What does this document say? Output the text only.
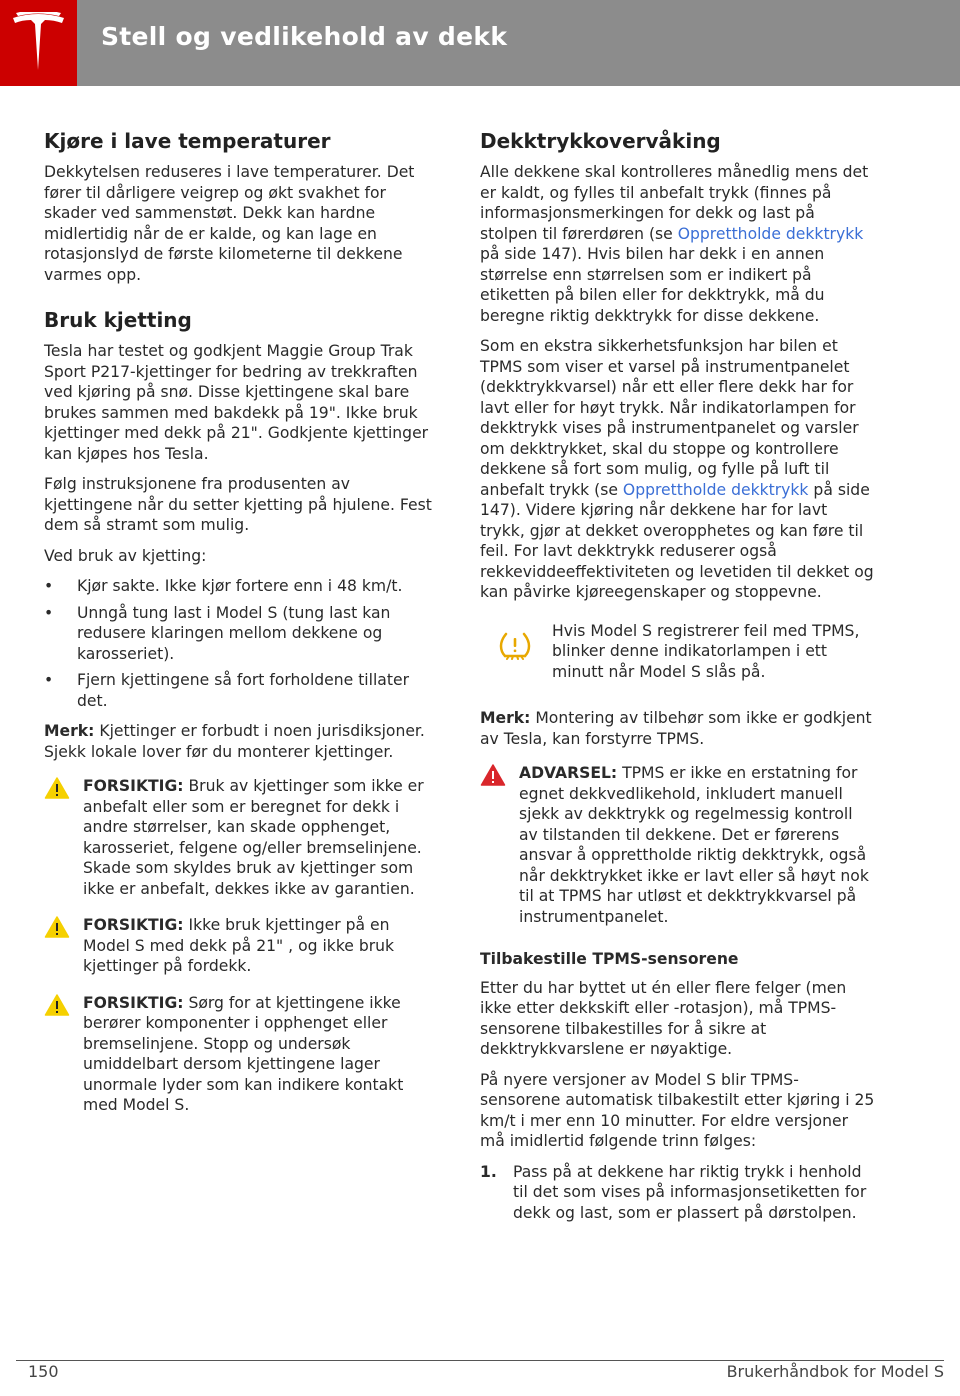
Stell og vedlikehold av dekk
Kjøre i lave temperaturer

Dekkytelsen reduseres i lave temperaturer. Det fører til dårligere veigrep og økt svakhet for skader ved sammenstøt. Dekk kan hardne midlertidig når de er kalde, og kan lage en rotasjonslyd de første kilometerne til dekkene varmes opp.

Bruk kjetting

Tesla har testet og godkjent Maggie Group Trak Sport P217-kjettinger for bedring av trekkraften ved kjøring på snø. Disse kjettingene skal bare brukes sammen med bakdekk på 19". Ikke bruk kjettinger med dekk på 21". Godkjente kjettinger kan kjøpes hos Tesla.

Følg instruksjonene fra produsenten av kjettingene når du setter kjetting på hjulene. Fest dem så stramt som mulig.

Ved bruk av kjetting:

• Kjør sakte. Ikke kjør fortere enn i 48 km/t.
• Unngå tung last i Model S (tung last kan redusere klaringen mellom dekkene og karosseriet).
• Fjern kjettingene så fort forholdene tillater det.

Merk: Kjettinger er forbudt i noen jurisdiksjoner. Sjekk lokale lover før du monterer kjettinger.

FORSIKTIG: Bruk av kjettinger som ikke er anbefalt eller som er beregnet for dekk i andre størrelser, kan skade opphenget, karosseriet, felgene og/eller bremselinjene. Skade som skyldes bruk av kjettinger som ikke er anbefalt, dekkes ikke av garantien.
FORSIKTIG: Ikke bruk kjettinger på en Model S med dekk på 21" , og ikke bruk kjettinger på fordekk.
FORSIKTIG: Sørg for at kjettingene ikke berører komponenter i opphenget eller bremselinjene. Stopp og undersøk umiddelbart dersom kjettingene lager unormale lyder som kan indikere kontakt med Model S.
Dekktrykkovervåking

Alle dekkene skal kontrolleres månedlig mens det er kaldt, og fylles til anbefalt trykk (finnes på informasjonsmerkingen for dekk og last på stolpen til førerdøren (se Opprettholde dekktrykk på side 147). Hvis bilen har dekk i en annen størrelse enn størrelsen som er indikert på etiketten på bilen eller for dekktrykk, må du beregne riktig dekktrykk for disse dekkene.

Som en ekstra sikkerhetsfunksjon har bilen et TPMS som viser et varsel på instrumentpanelet (dekktrykkvarsel) når ett eller flere dekk har for lavt eller for høyt trykk. Når indikatorlampen for dekktrykk vises på instrumentpanelet og varsler om dekktrykket, skal du stoppe og kontrollere dekkene så fort som mulig, og fylle på luft til anbefalt trykk (se Opprettholde dekktrykk på side 147). Videre kjøring når dekkene har for lavt trykk, gjør at dekket overopphetes og kan føre til feil. For lavt dekktrykk reduserer også rekkeviddeeffektiviteten og levetiden til dekket og kan påvirke kjøreegenskaper og stoppevne.

Hvis Model S registrerer feil med TPMS, blinker denne indikatorlampen i ett minutt når Model S slås på.

Merk: Montering av tilbehør som ikke er godkjent av Tesla, kan forstyrre TPMS.

ADVARSEL: TPMS er ikke en erstatning for egnet dekkvedlikehold, inkludert manuell sjekk av dekktrykk og regelmessig kontroll av tilstanden til dekkene. Det er førerens ansvar å opprettholde riktig dekktrykk, også når dekktrykket ikke er lavt eller så høyt nok til at TPMS har utløst et dekktrykkvarsel på instrumentpanelet.
Tilbakestille TPMS-sensorene

Etter du har byttet ut én eller flere felger (men ikke etter dekkskift eller -rotasjon), må TPMS-sensorene tilbakestilles for å sikre at dekktrykkvarslene er nøyaktige.

På nyere versjoner av Model S blir TPMS-sensorene automatisk tilbakestilt etter kjøring i 25 km/t i mer enn 10 minutter. For eldre versjoner må imidlertid følgende trinn følges:

1. Pass på at dekkene har riktig trykk i henhold til det som vises på informasjonsetiketten for dekk og last, som er plassert på dørstolpen.
150	Brukerhåndbok for Model S
